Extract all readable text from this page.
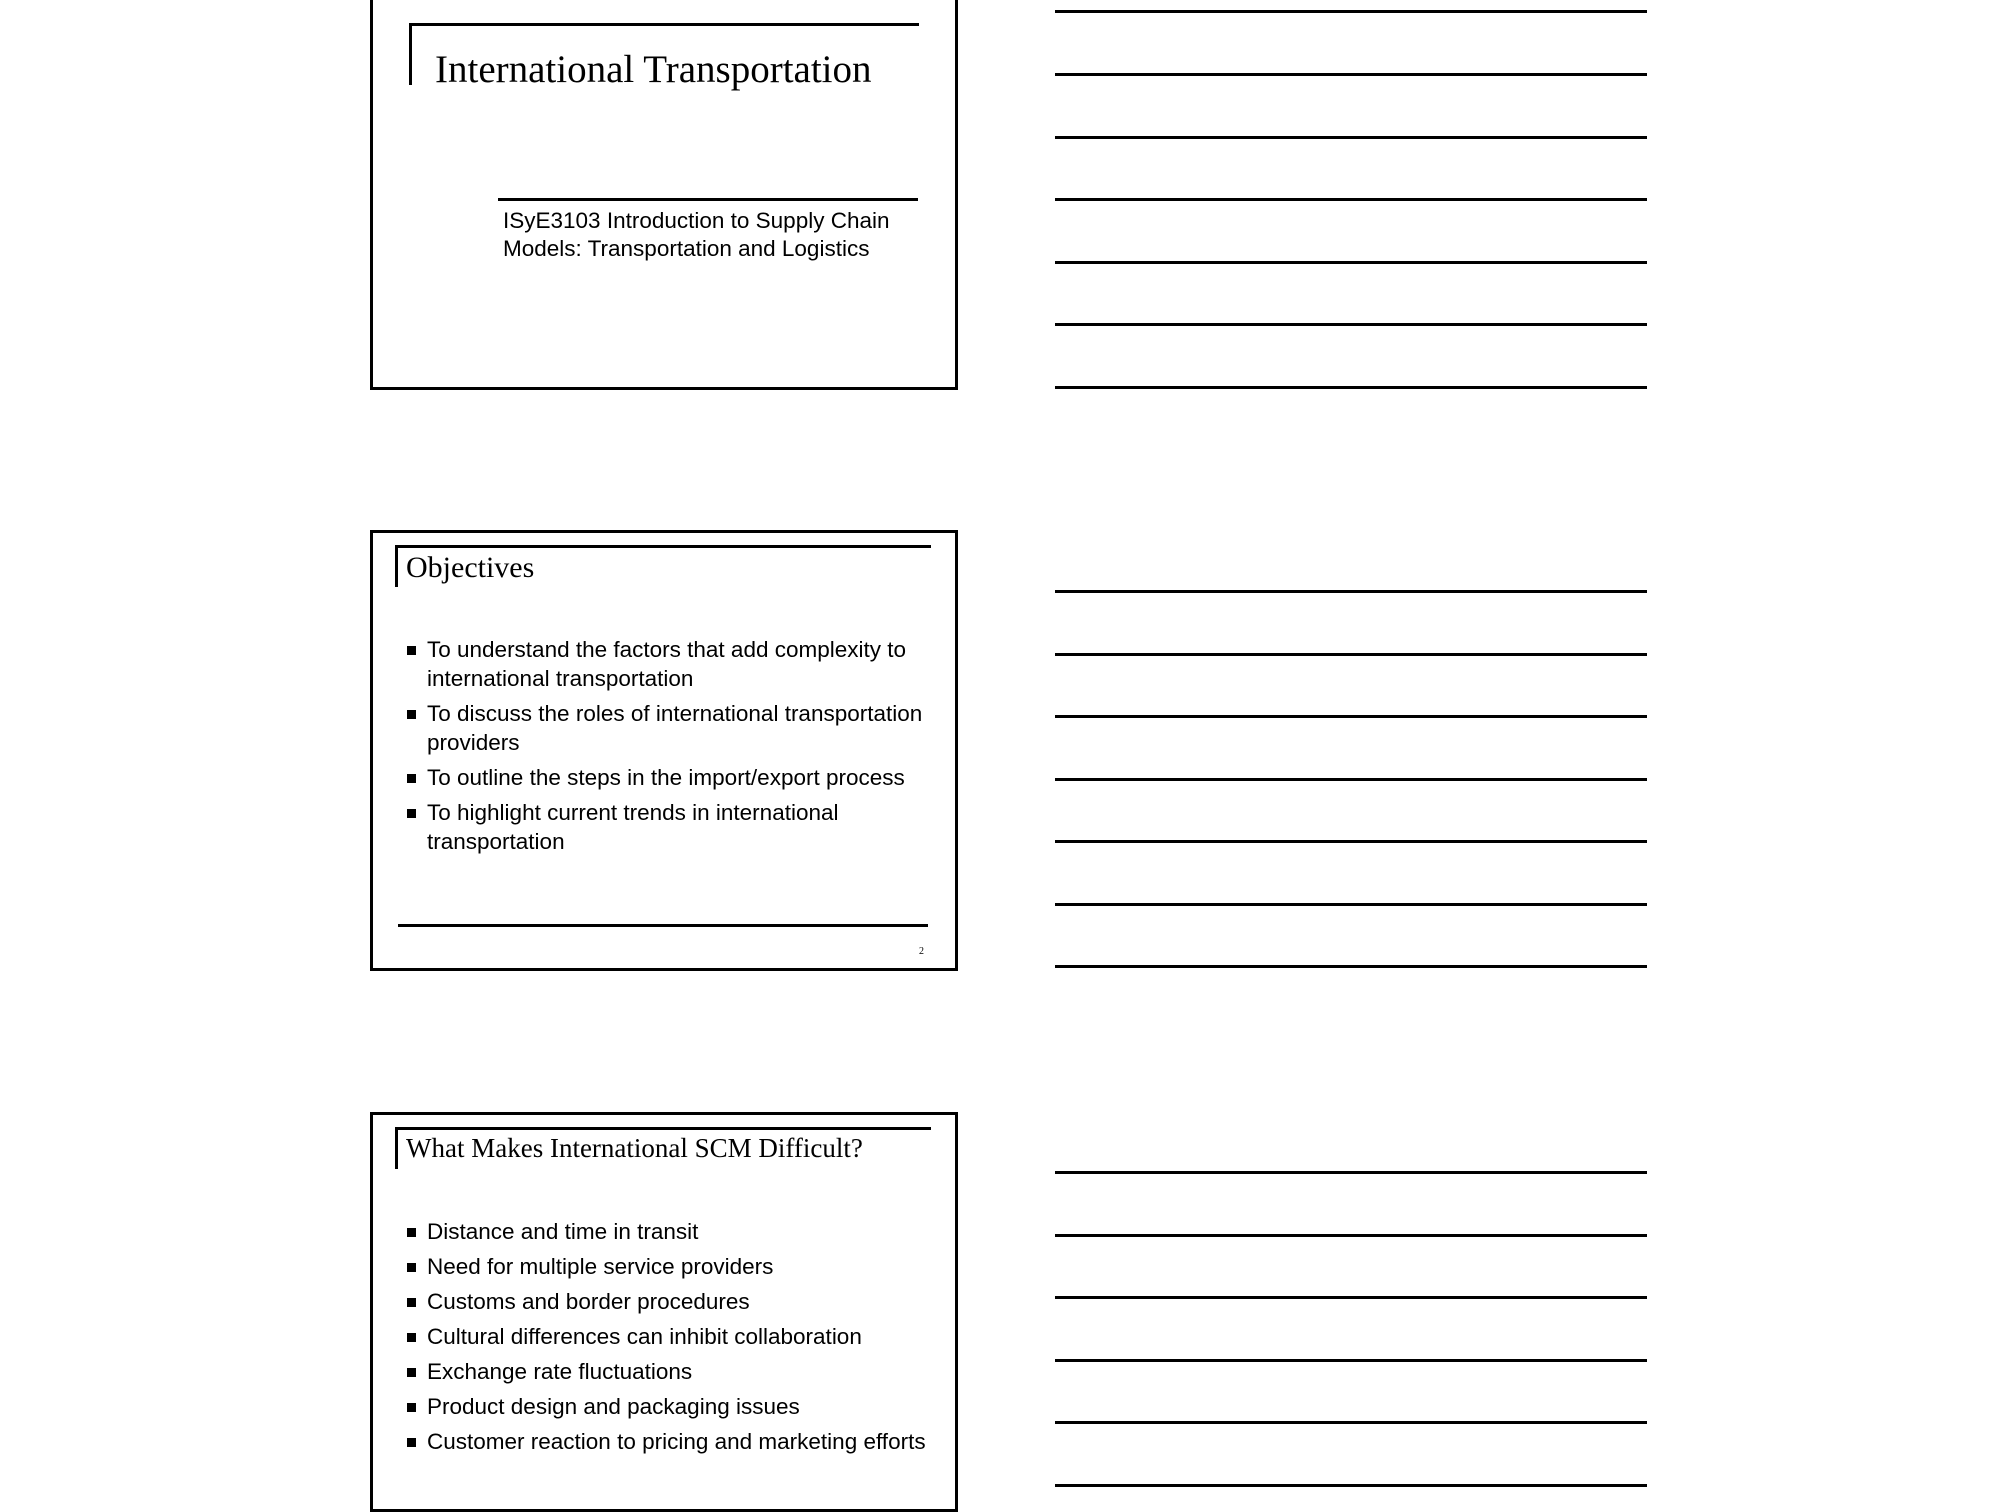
International Transportation

ISyE3103 Introduction to Supply Chain
Models: Transportation and Logistics

Objectives
To understand the factors that add complexity to international transportation
To discuss the roles of international transportation providers
To outline the steps in the import/export process
To highlight current trends in international transportation
2
What Makes International SCM Difficult?
Distance and time in transit
Need for multiple service providers
Customs and border procedures
Cultural differences can inhibit collaboration
Exchange rate fluctuations
Product design and packaging issues
Customer reaction to pricing and marketing efforts
